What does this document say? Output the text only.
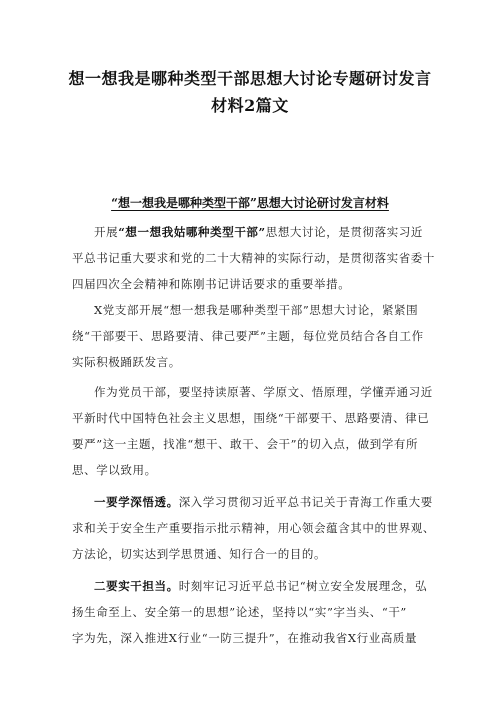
想一想我是哪种类型干部思想大讨论专题研讨发言
材料2篇文
“想一想我是哪种类型干部”思想大讨论研讨发言材料
开展“想一想我姑哪种类型干部”思想大讨论，是贯彻落实习近
平总书记重大要求和党的二十大精神的实际行动，是贯彻落实省委十
四届四次全会精神和陈刚书记讲话要求的重要举措。
X党支部开展“想一想我是哪种类型干部”思想大讨论，紧紧围
绕“干部要干、思路要清、律己要严”主题，每位党员结合各自工作
实际积极踊跃发言。
作为党员干部，要坚持读原著、学原文、悟原理，学懂弄通习近
平新时代中国特色社会主义思想，围绕“干部要干、思路要清、律已
要严”这一主题，找准“想干、敢干、会干”的切入点，做到学有所
思、学以致用。
一要学深悟透。深入学习贯彻习近平总书记关于青海工作重大要
求和关于安全生产重要指示批示精神，用心领会蕴含其中的世界观、
方法论，切实达到学思贯通、知行合一的目的。
二要实干担当。时刻牢记习近平总书记“树立安全发展理念，弘
扬生命至上、安全第一的思想”论述，坚持以“实”字当头、“干”
字为先，深入推进X行业“一防三提升”，在推动我省X行业高质量
